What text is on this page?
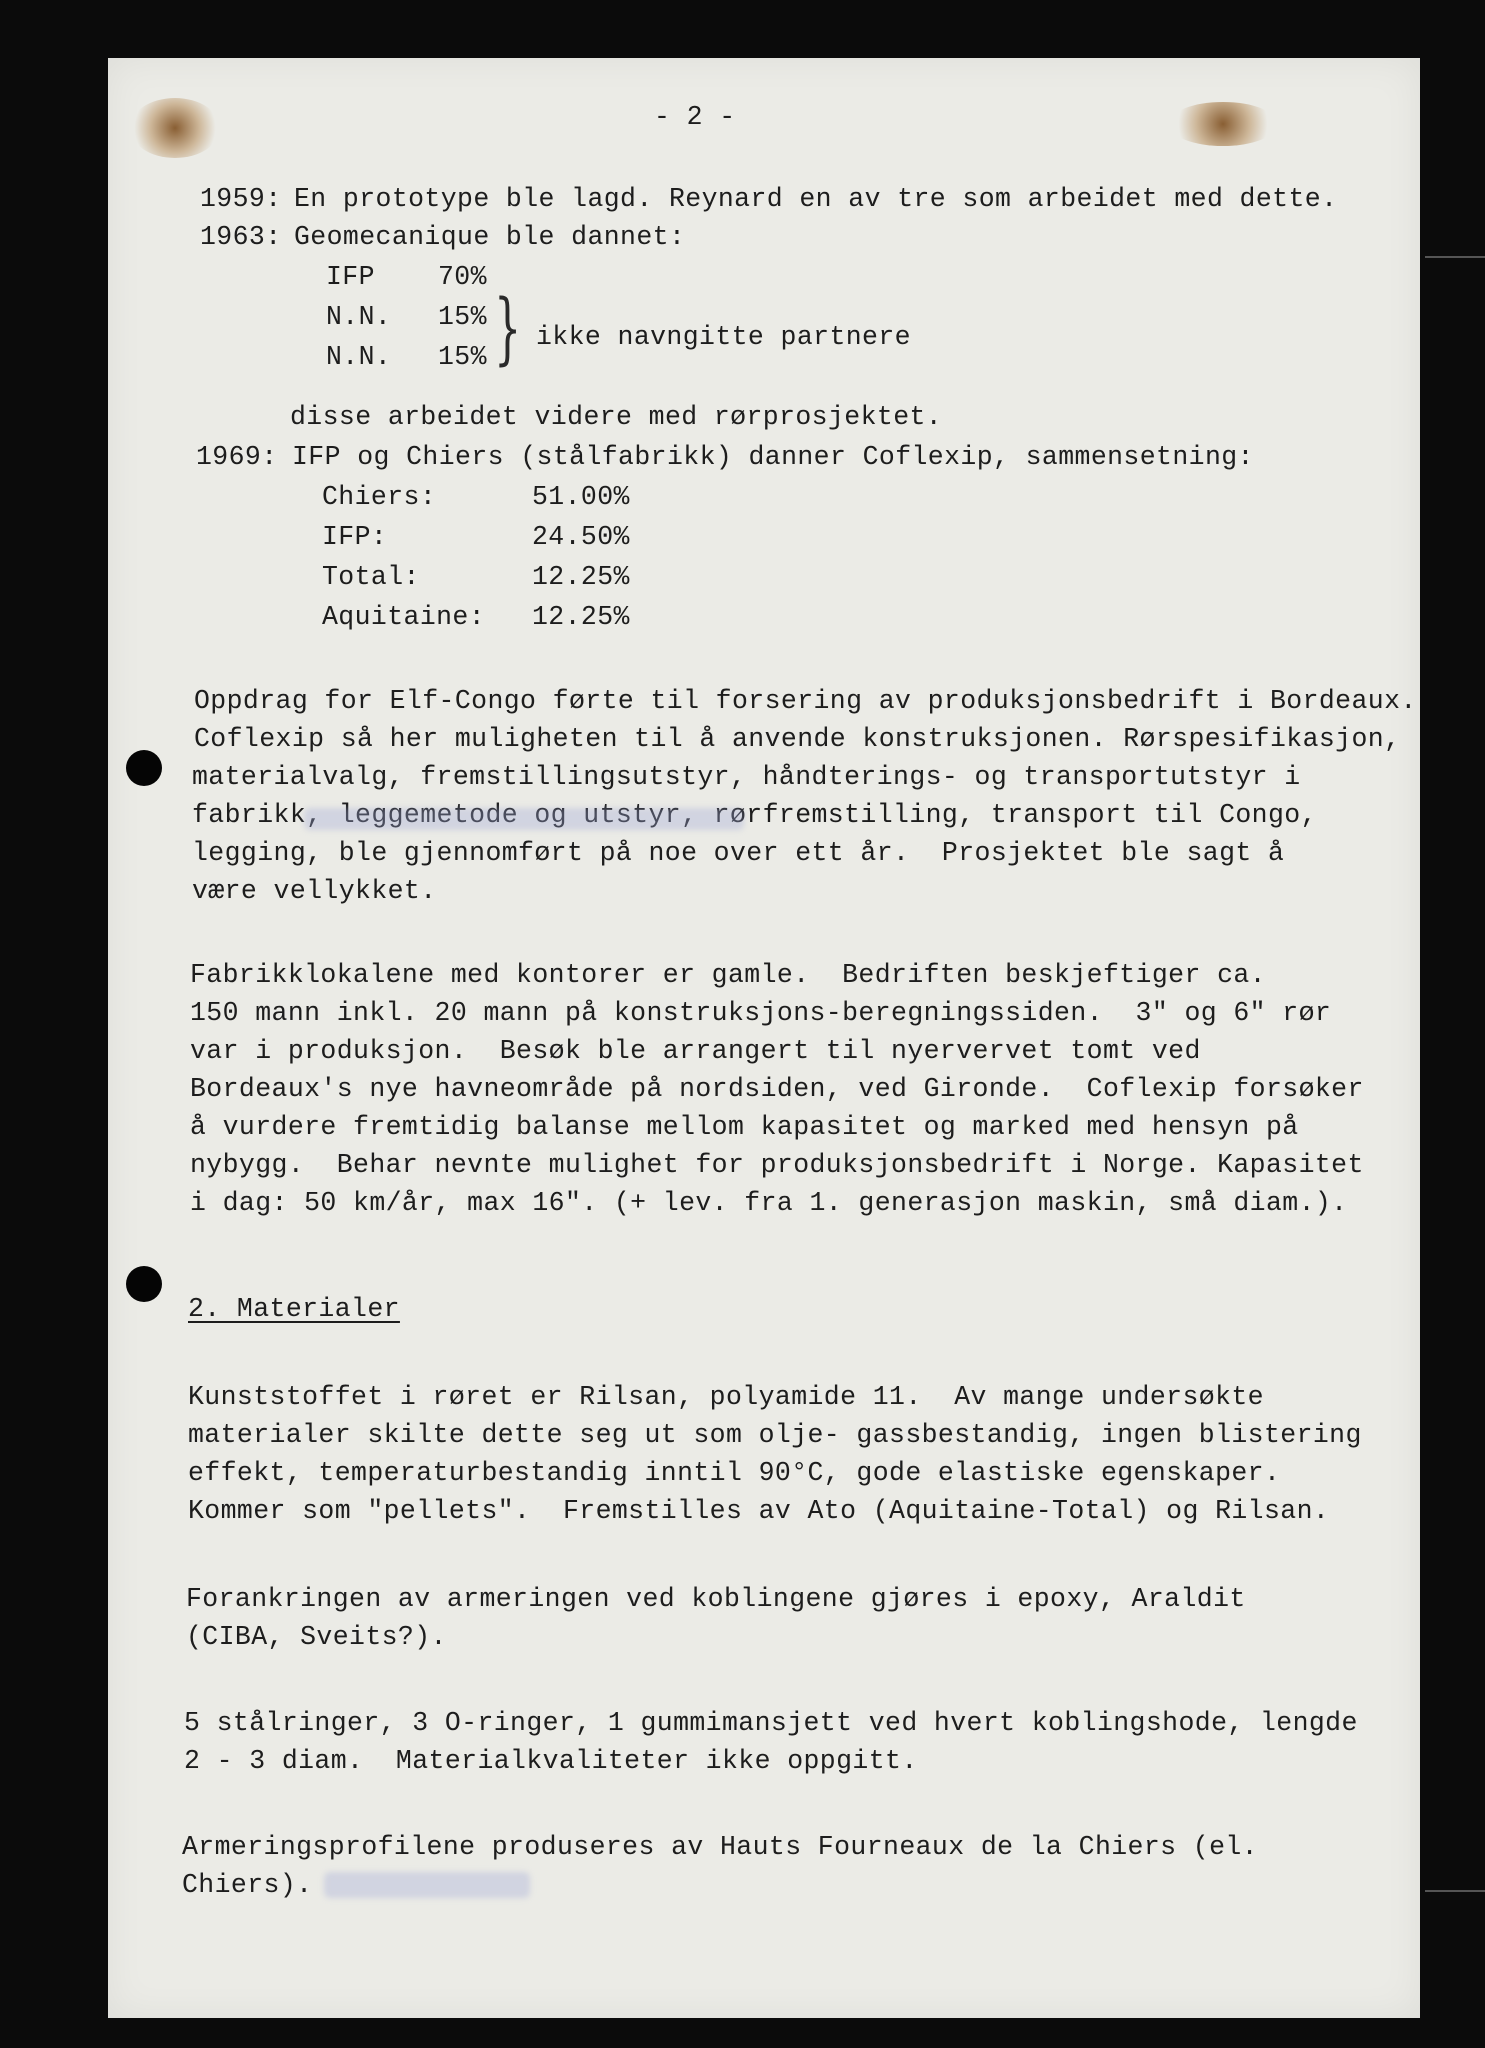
- 2 -
1959: En prototype ble lagd. Reynard en av tre som arbeidet med dette.
1963: Geomecanique ble dannet:
IFP 70%
N.N. 15%
N.N. 15% } ikke navngitte partnere
disse arbeidet videre med rørprosjektet.
1969: IFP og Chiers (stålfabrikk) danner Coflexip, sammensetning:
Chiers:	51.00%
IFP:	24.50%
Total:	12.25%
Aquitaine: 12.25%
Oppdrag for Elf-Congo førte til forsering av produksjonsbedrift i Bordeaux.
Coflexip så her muligheten til å anvende konstruksjonen. Rørspesifikasjon,
materialvalg, fremstillingsutstyr, håndterings- og transportutstyr i
fabrikk, leggemetode og utstyr, rørfremstilling, transport til Congo,
legging, ble gjennomført på noe over ett år.  Prosjektet ble sagt å
være vellykket.
Fabrikklokalene med kontorer er gamle.  Bedriften beskjeftiger ca.
150 mann inkl. 20 mann på konstruksjons-beregningssiden.  3" og 6" rør
var i produksjon.  Besøk ble arrangert til nyervervet tomt ved
Bordeaux's nye havneområde på nordsiden, ved Gironde.  Coflexip forsøker
å vurdere fremtidig balanse mellom kapasitet og marked med hensyn på
nybygg.  Behar nevnte mulighet for produksjonsbedrift i Norge. Kapasitet
i dag: 50 km/år, max 16". (+ lev. fra 1. generasjon maskin, små diam.).
2. Materialer
Kunststoffet i røret er Rilsan, polyamide 11.  Av mange undersøkte
materialer skilte dette seg ut som olje- gassbestandig, ingen blistering
effekt, temperaturbestandig inntil 90°C, gode elastiske egenskaper.
Kommer som "pellets".  Fremstilles av Ato (Aquitaine-Total) og Rilsan.
Forankringen av armeringen ved koblingene gjøres i epoxy, Araldit
(CIBA, Sveits?).
5 stålringer, 3 O-ringer, 1 gummimansjett ved hvert koblingshode, lengde
2 - 3 diam.  Materialkvaliteter ikke oppgitt.
Armeringsprofilene produseres av Hauts Fourneaux de la Chiers (el.
Chiers).
